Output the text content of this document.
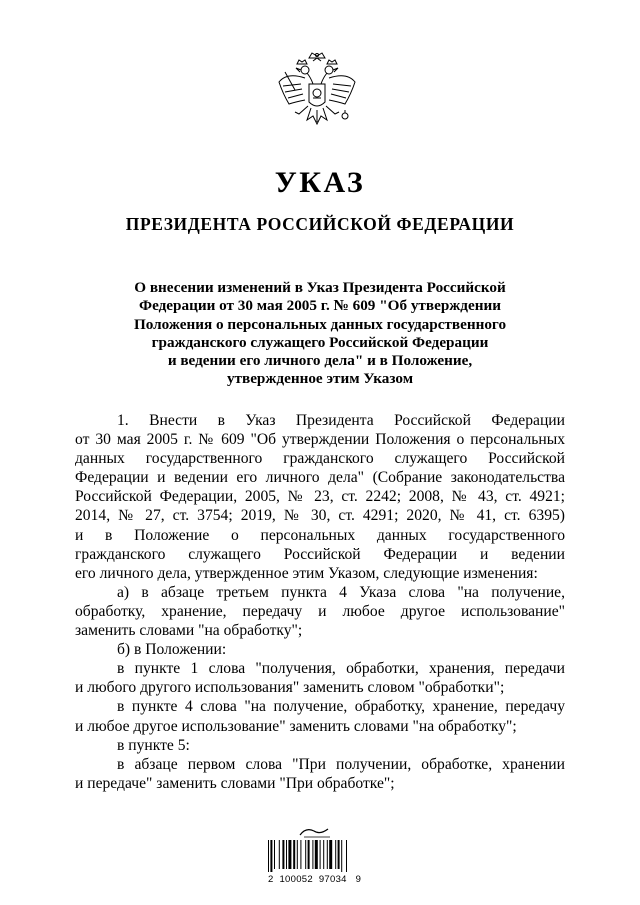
УКАЗ
ПРЕЗИДЕНТА РОССИЙСКОЙ ФЕДЕРАЦИИ
О внесении изменений в Указ Президента Российской
Федерации от 30 мая 2005 г. № 609 "Об утверждении
Положения о персональных данных государственного
гражданского служащего Российской Федерации
и ведении его личного дела" и в Положение,
утвержденное этим Указом
1. Внести в Указ Президента Российской Федерации
от 30 мая 2005 г. № 609 "Об утверждении Положения о персональных
данных государственного гражданского служащего Российской
Федерации и ведении его личного дела" (Собрание законодательства
Российской Федерации, 2005, № 23, ст. 2242; 2008, № 43, ст. 4921;
2014, № 27, ст. 3754; 2019, № 30, ст. 4291; 2020, № 41, ст. 6395)
и в Положение о персональных данных государственного
гражданского служащего Российской Федерации и ведении
его личного дела, утвержденное этим Указом, следующие изменения:
а) в абзаце третьем пункта 4 Указа слова "на получение,
обработку, хранение, передачу и любое другое использование"
заменить словами "на обработку";
б) в Положении:
в пункте 1 слова "получения, обработки, хранения, передачи
и любого другого использования" заменить словом "обработки";
в пункте 4 слова "на получение, обработку, хранение, передачу
и любое другое использование" заменить словами "на обработку";
в пункте 5:
в абзаце первом слова "При получении, обработке, хранении
и передаче" заменить словами "При обработке";
2  100052  97034   9
